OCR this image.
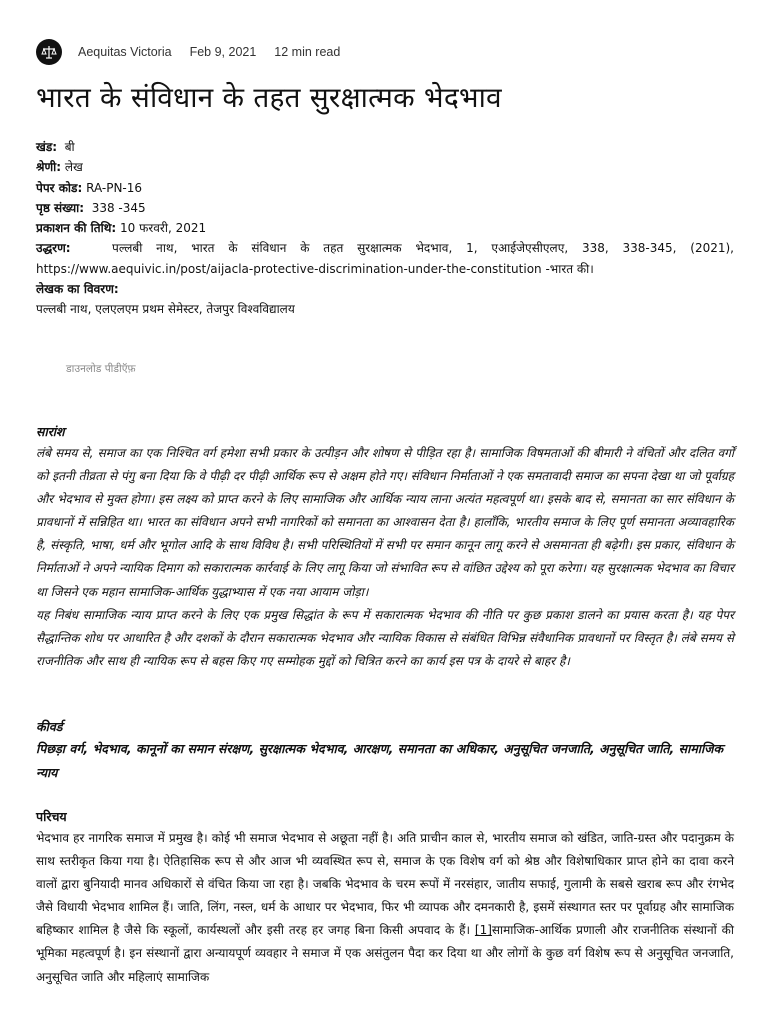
Aequitas Victoria Feb 9, 2021 12 min read
भारत के संविधान के तहत सुरक्षात्मक भेदभाव
खंड: बी
श्रेणी: लेख
पेपर कोड: RA-PN-16
पृष्ठ संख्या: 338 -345
प्रकाशन की तिथि: 10 फरवरी, 2021
उद्धरण:	पल्लबी नाथ, भारत के संविधान के तहत सुरक्षात्मक भेदभाव, 1, एआईजेएसीएलए, 338, 338-345, (2021), https://www.aequivic.in/post/aijacla-protective-discrimination-under-the-constitution -भारत की।
लेखक का विवरण:
पल्लबी नाथ, एलएलएम प्रथम सेमेस्टर, तेजपुर विश्वविद्यालय
डाउनलोड पीडीऍफ़
सारांश

लंबे समय से, समाज का एक निश्चित वर्ग हमेशा सभी प्रकार के उत्पीड़न और शोषण से पीड़ित रहा है। सामाजिक विषमताओं की बीमारी ने वंचितों और दलित वर्गों को इतनी तीव्रता से पंगु बना दिया कि वे पीढ़ी दर पीढ़ी आर्थिक रूप से अक्षम होते गए। संविधान निर्माताओं ने एक समतावादी समाज का सपना देखा था जो पूर्वाग्रह और भेदभाव से मुक्त होगा। इस लक्ष्य को प्राप्त करने के लिए सामाजिक और आर्थिक न्याय लाना अत्यंत महत्वपूर्ण था। इसके बाद से, समानता का सार संविधान के प्रावधानों में सन्निहित था। भारत का संविधान अपने सभी नागरिकों को समानता का आश्वासन देता है। हालाँकि, भारतीय समाज के लिए पूर्ण समानता अव्यावहारिक है, संस्कृति, भाषा, धर्म और भूगोल आदि के साथ विविध है। सभी परिस्थितियों में सभी पर समान कानून लागू करने से असमानता ही बढ़ेगी। इस प्रकार, संविधान के निर्माताओं ने अपने न्यायिक दिमाग को सकारात्मक कार्रवाई के लिए लागू किया जो संभावित रूप से वांछित उद्देश्य को पूरा करेगा। यह सुरक्षात्मक भेदभाव का विचार था जिसने एक महान सामाजिक-आर्थिक युद्धाभ्यास में एक नया आयाम जोड़ा।

यह निबंध सामाजिक न्याय प्राप्त करने के लिए एक प्रमुख सिद्धांत के रूप में सकारात्मक भेदभाव की नीति पर कुछ प्रकाश डालने का प्रयास करता है। यह पेपर सैद्धान्तिक शोध पर आधारित है और दशकों के दौरान सकारात्मक भेदभाव और न्यायिक विकास से संबंधित विभिन्न संवैधानिक प्रावधानों पर विस्तृत है। लंबे समय से राजनीतिक और साथ ही न्यायिक रूप से बहस किए गए सम्मोहक मुद्दों को चित्रित करने का कार्य इस पत्र के दायरे से बाहर है।

कीवर्ड

पिछड़ा वर्ग, भेदभाव, कानूनों का समान संरक्षण, सुरक्षात्मक भेदभाव, आरक्षण, समानता का अधिकार, अनुसूचित जनजाति, अनुसूचित जाति, सामाजिक न्याय

परिचय

भेदभाव हर नागरिक समाज में प्रमुख है। कोई भी समाज भेदभाव से अछूता नहीं है। अति प्राचीन काल से, भारतीय समाज को खंडित, जाति-ग्रस्त और पदानुक्रम के साथ स्तरीकृत किया गया है। ऐतिहासिक रूप से और आज भी व्यवस्थित रूप से, समाज के एक विशेष वर्ग को श्रेष्ठ और विशेषाधिकार प्राप्त होने का दावा करने वालों द्वारा बुनियादी मानव अधिकारों से वंचित किया जा रहा है। जबकि भेदभाव के चरम रूपों में नरसंहार, जातीय सफाई, गुलामी के सबसे खराब रूप और रंगभेद जैसे विधायी भेदभाव शामिल हैं। जाति, लिंग, नस्ल, धर्म के आधार पर भेदभाव, फिर भी व्यापक और दमनकारी है, इसमें संस्थागत स्तर पर पूर्वाग्रह और सामाजिक बहिष्कार शामिल है जैसे कि स्कूलों, कार्यस्थलों और इसी तरह हर जगह बिना किसी अपवाद के हैं। [1]सामाजिक-आर्थिक प्रणाली और राजनीतिक संस्थानों की भूमिका महत्वपूर्ण है। इन संस्थानों द्वारा अन्यायपूर्ण व्यवहार ने समाज में एक असंतुलन पैदा कर दिया था और लोगों के कुछ वर्ग विशेष रूप से अनुसूचित जनजाति, अनुसूचित जाति और महिलाएं सामाजिक
